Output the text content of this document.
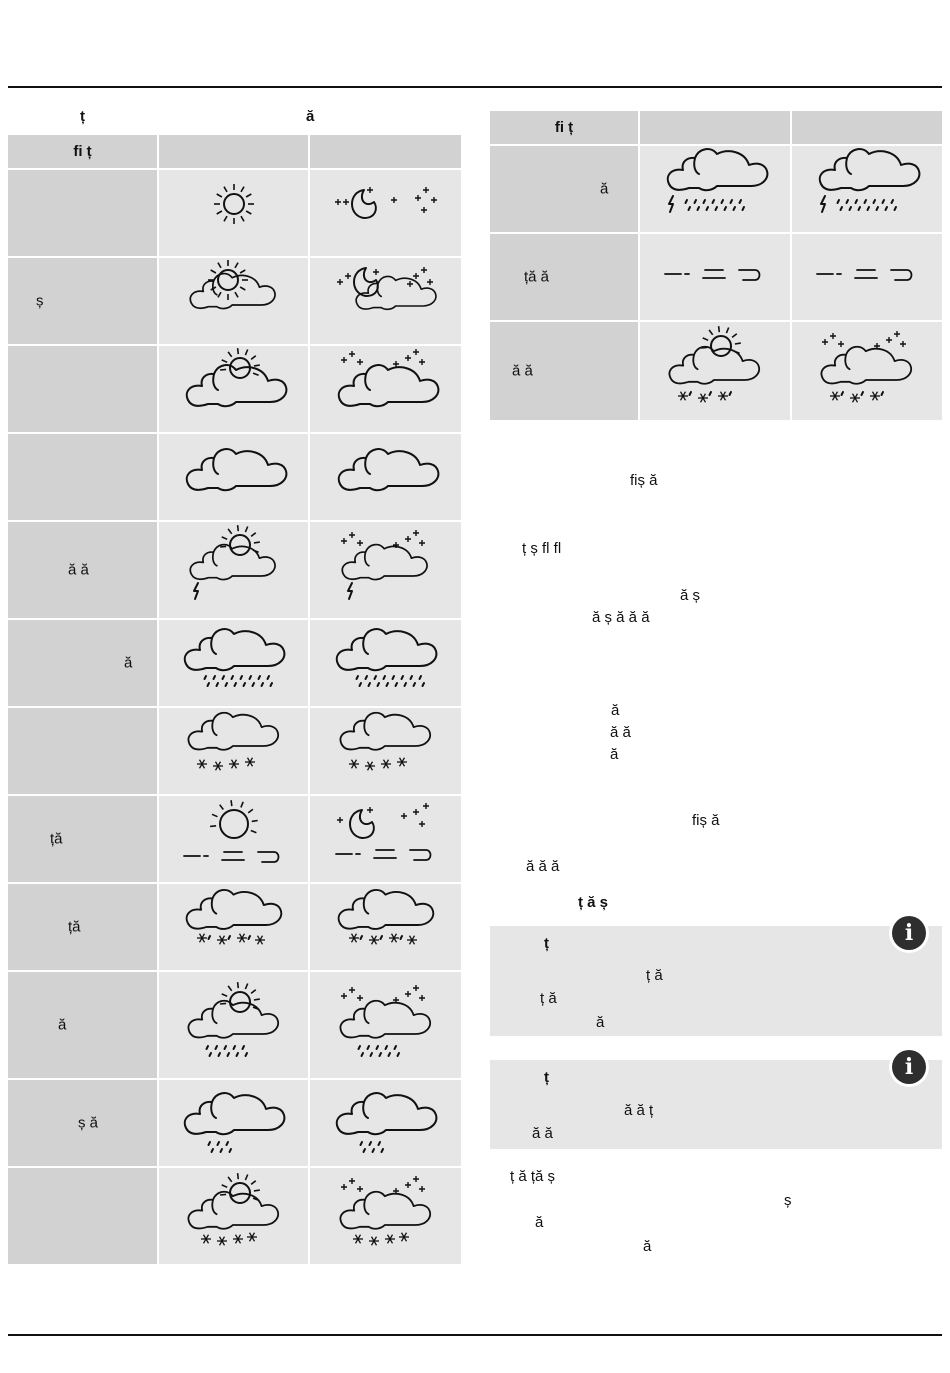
ț	ă
fi ț
ș
ă ă
ă
ță
ță
ă
ș ă
fi ț
ă
ță ă
ă ă
fiș ă
ț ș fl fl
ă ș
ă ș ă ă ă
ă
ă ă
ă
fiș ă
ă ă ă
ț ă ș
ț
ț ă
ț ă
ă
i
ț
ă ă ț
ă ă
i
ț ă ță ș
ș
ă
ă
